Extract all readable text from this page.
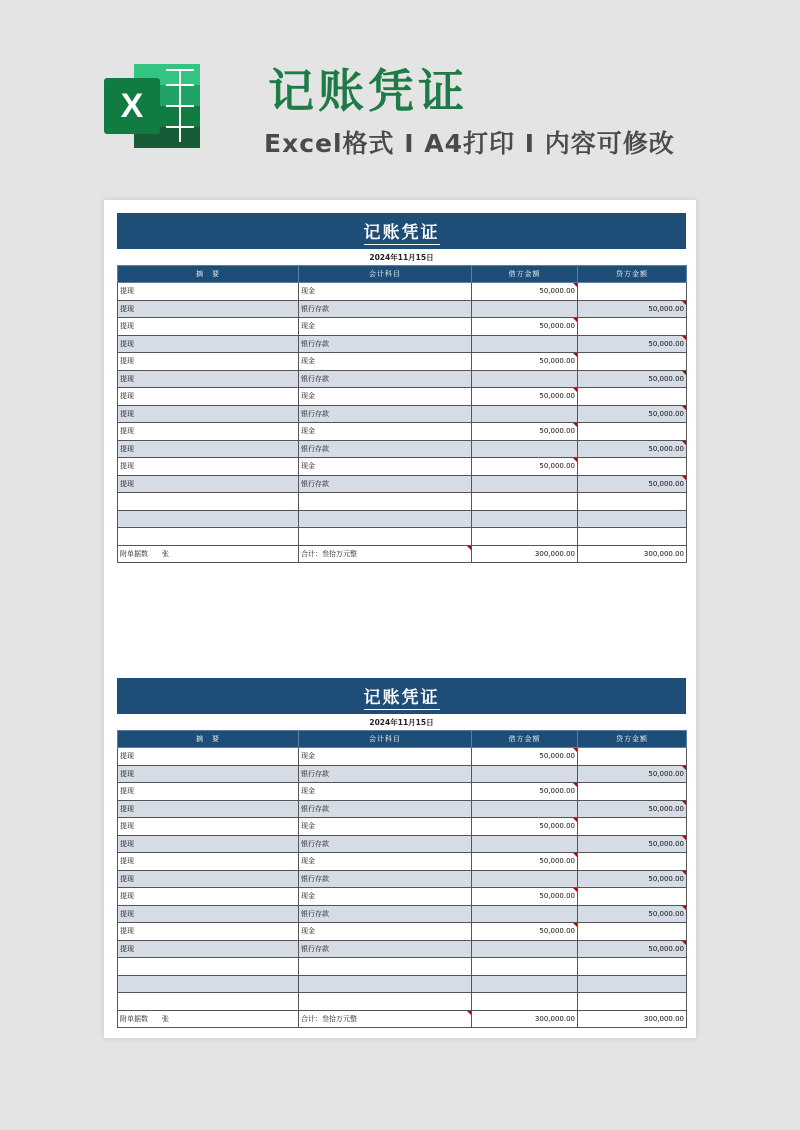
X	记账凭证
Excel格式 I A4打印 I 内容可修改
记账凭证
2024年11月15日
摘　要	会计科目	借方金额	贷方金额
提现	现金	50,000.00	
提现	银行存款		50,000.00
提现	现金	50,000.00	
提现	银行存款		50,000.00
提现	现金	50,000.00	
提现	银行存款		50,000.00
提现	现金	50,000.00	
提现	银行存款		50,000.00
提现	现金	50,000.00	
提现	银行存款		50,000.00
提现	现金	50,000.00	
提现	银行存款		50,000.00

附单据数　　张	合计：叁拾万元整	300,000.00	300,000.00
记账凭证
2024年11月15日
摘　要	会计科目	借方金额	贷方金额
提现	现金	50,000.00	
提现	银行存款		50,000.00
提现	现金	50,000.00	
提现	银行存款		50,000.00
提现	现金	50,000.00	
提现	银行存款		50,000.00
提现	现金	50,000.00	
提现	银行存款		50,000.00
提现	现金	50,000.00	
提现	银行存款		50,000.00
提现	现金	50,000.00	
提现	银行存款		50,000.00

附单据数　　张	合计：叁拾万元整	300,000.00	300,000.00
